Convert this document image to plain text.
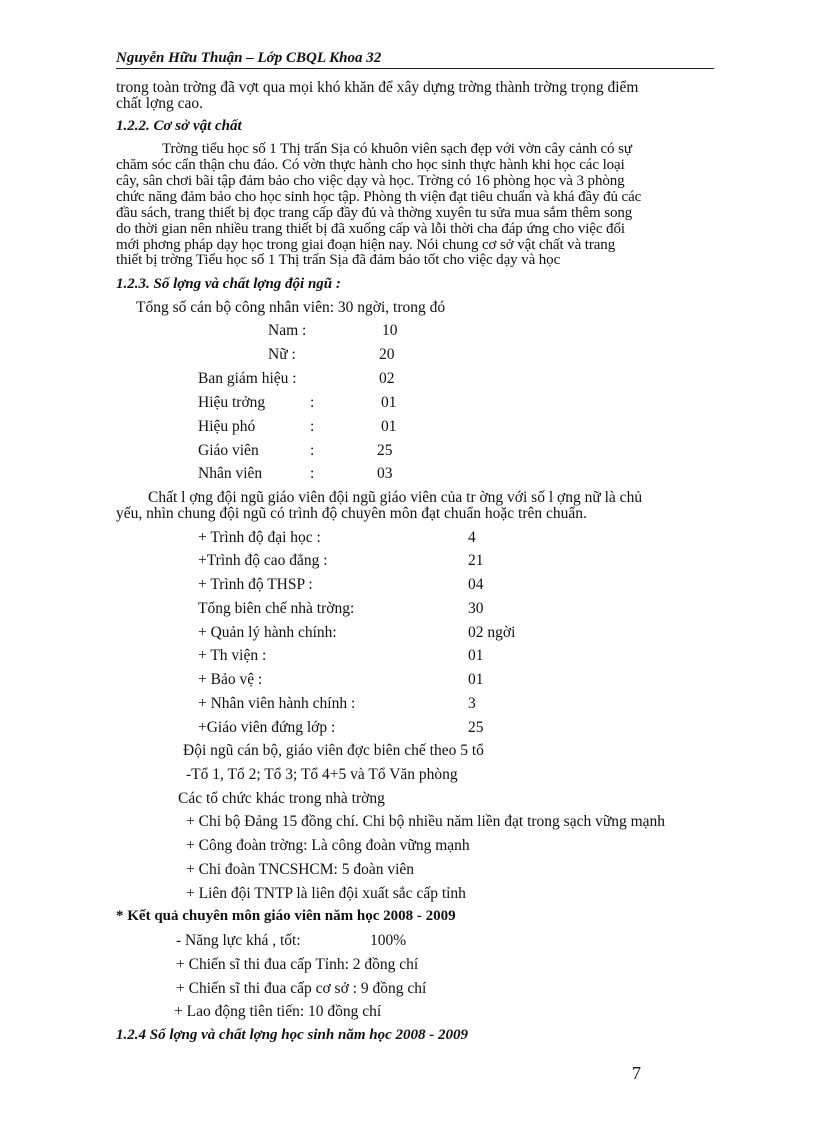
Nguyễn Hữu Thuận – Lớp CBQL Khoa 32
trong toàn trờng đã vợt qua mọi khó khăn để xây dựng trờng thành trờng trọng điểm
chất lợng cao.
1.2.2. Cơ sở vật chất
Trờng tiểu học số 1 Thị trấn Sịa có khuôn viên sạch đẹp với vờn cây cảnh có sự
chăm sóc cẩn thận chu đáo. Có vờn thực hành cho học sinh thực hành khi học các loại
cây, sân chơi bãi tập đảm bảo cho việc dạy và học. Trờng có 16 phòng học và 3 phòng
chức năng đảm bảo cho học sinh học tập. Phòng th viện đạt tiêu chuẩn và khá đầy đủ các
đầu sách, trang thiết bị đọc trang cấp đầy đủ và thờng xuyên tu sửa mua sắm thêm song
do thời gian nên nhiều trang thiết bị đã xuống cấp và lỗi thời cha đáp ứng cho việc đổi
mới phơng pháp dạy học trong giai đoạn hiện nay. Nói chung cơ sở vật chất và trang
thiết bị trờng Tiểu học số 1 Thị trấn Sịa đã đảm bảo tốt cho việc dạy và học
1.2.3. Số lợng và chất lợng đội ngũ :
Tổng số cán bộ công nhân viên: 30 ngời, trong đó
Nam :	10
Nữ :	20
Ban giám hiệu :	02
Hiệu trởng	:	01
Hiệu phó	:	01
Giáo viên	:	25
Nhân viên	:	03
Chất l ợng đội ngũ giáo viên đội ngũ giáo viên của tr ờng với số l ợng nữ là chủ
yếu, nhìn chung đội ngũ có trình độ chuyên môn đạt chuẩn hoặc trên chuẩn.
+ Trình độ đại học :	4
+Trình độ cao đẳng :	21
+ Trình độ THSP :	04
Tổng biên chế nhà trờng:	30
+ Quản lý hành chính:	02 ngời
+ Th viện :	01
+ Bảo vệ :	01
+ Nhân viên hành chính :	3
+Giáo viên đứng lớp :	25
Đội ngũ cán bộ, giáo viên đợc biên chế theo 5 tổ
-Tổ 1, Tổ 2; Tổ 3; Tổ 4+5 và Tổ Văn phòng
Các tổ chức khác trong nhà trờng
+ Chi bộ Đảng 15 đồng chí. Chi bộ nhiều năm liền đạt trong sạch vững mạnh
+ Công đoàn trờng: Là công đoàn vững mạnh
+ Chi đoàn TNCSHCM: 5 đoàn viên
+ Liên đội TNTP là liên đội xuất sắc cấp tỉnh
* Kết quả chuyên môn giáo viên năm học 2008 - 2009
- Năng lực khá , tốt:	100%
+ Chiến sĩ thi đua cấp Tỉnh: 2 đồng chí
+ Chiến sĩ thi đua cấp cơ sở : 9 đồng chí
+ Lao động tiên tiến: 10 đồng chí
1.2.4 Số lợng và chất lợng học sinh năm học 2008 - 2009
7
